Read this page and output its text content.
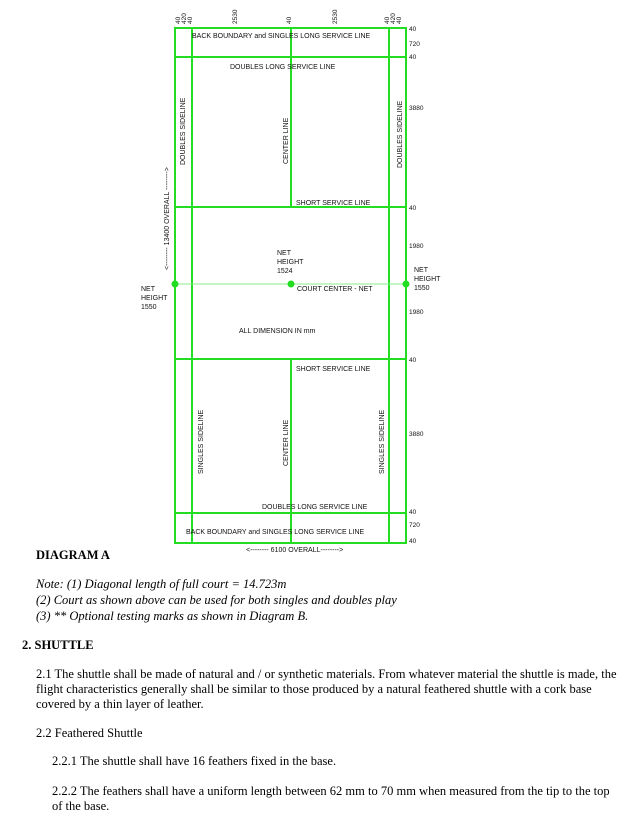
40 420 40	2530	40	2530	40 420 40
BACK BOUNDARY and SINGLES LONG SERVICE LINE
DOUBLES LONG SERVICE LINE
DOUBLES SIDELINE	DOUBLES SIDELINE
CENTER LINE
SHORT SERVICE LINE
NET
HEIGHT
1524
COURT CENTER - NET
NET
HEIGHT
1550
NET
HEIGHT
1550
ALL DIMENSION IN mm
SHORT SERVICE LINE
SINGLES SIDELINE	CENTER LINE	SINGLES SIDELINE
DOUBLES LONG SERVICE LINE
BACK BOUNDARY and SINGLES LONG SERVICE LINE
<-------- 6100 OVERALL-------->
<-------- 13400 OVERALL -------->
40
720
40
3880
40
1980
1980
40
3880
40
720
40

DIAGRAM A

Note: (1) Diagonal length of full court = 14.723m

(2) Court as shown above can be used for both singles and doubles play

(3) ** Optional testing marks as shown in Diagram B.

2. SHUTTLE

2.1 The shuttle shall be made of natural and / or synthetic materials. From whatever material the shuttle is made, the flight characteristics generally shall be similar to those produced by a natural feathered shuttle with a cork base covered by a thin layer of leather.

2.2 Feathered Shuttle

2.2.1 The shuttle shall have 16 feathers fixed in the base.

2.2.2 The feathers shall have a uniform length between 62 mm to 70 mm when measured from the tip to the top of the base.
